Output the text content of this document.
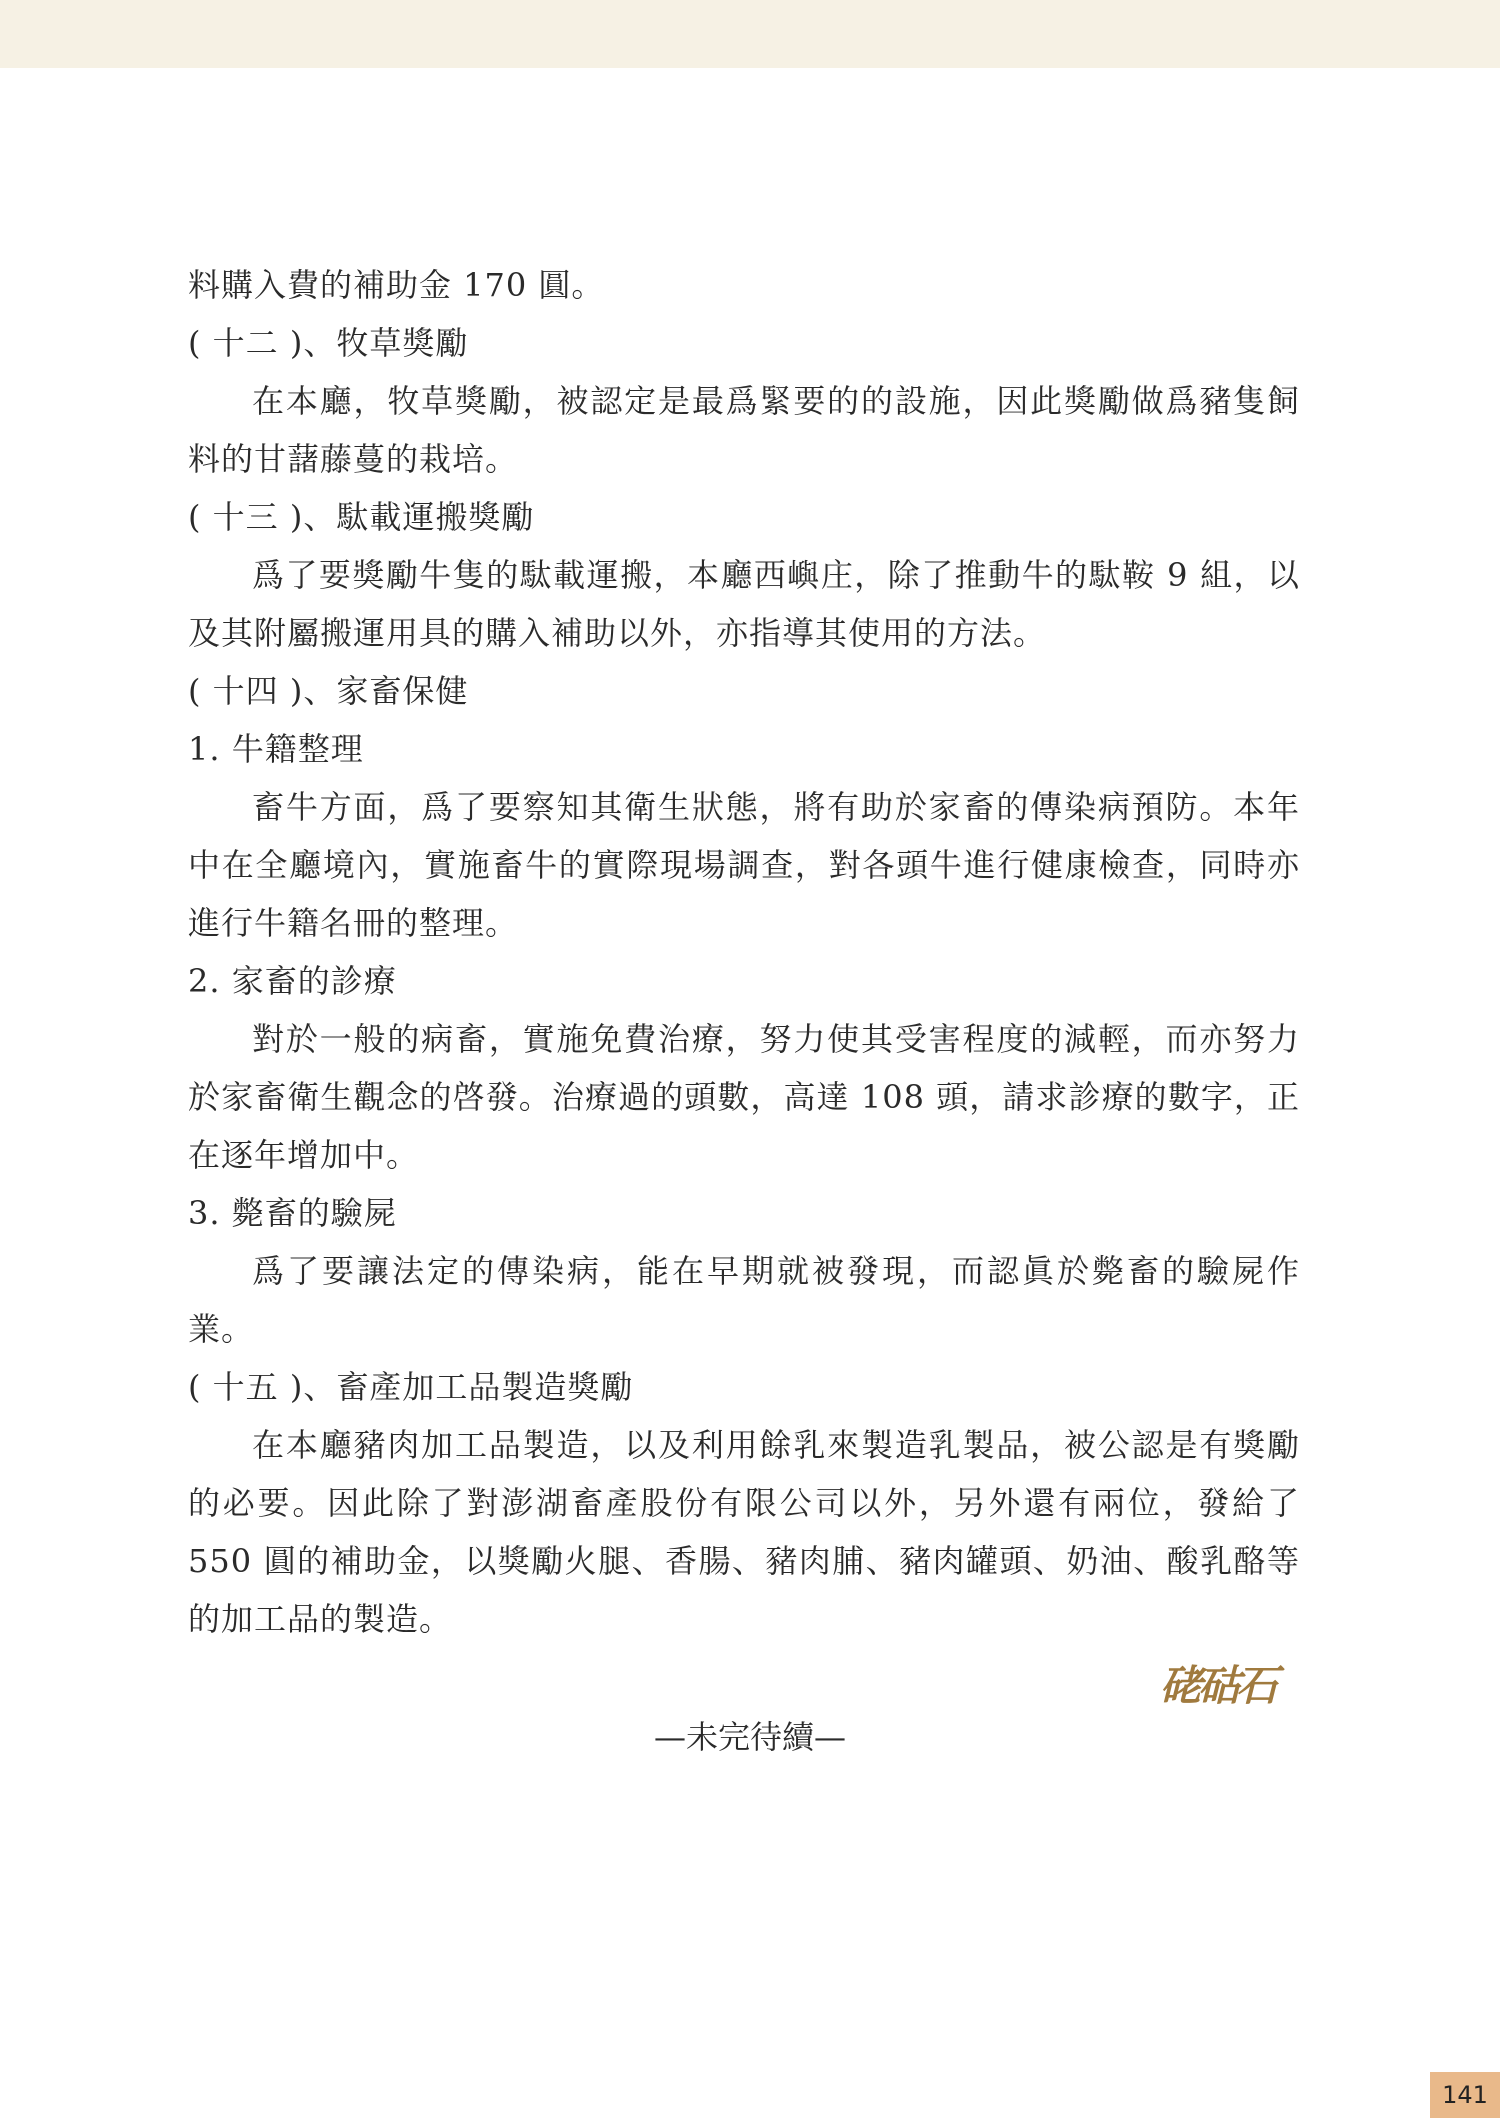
料購入費的補助金 170 圓。

( 十二 )、牧草獎勵

在本廳，牧草獎勵，被認定是最爲緊要的的設施，因此獎勵做爲豬隻飼料的甘藷藤蔓的栽培。

( 十三 )、駄載運搬獎勵

爲了要獎勵牛隻的駄載運搬，本廳西嶼庄，除了推動牛的駄鞍 9 組，以及其附屬搬運用具的購入補助以外，亦指導其使用的方法。

( 十四 )、家畜保健

1. 牛籍整理

畜牛方面，爲了要察知其衛生狀態，將有助於家畜的傳染病預防。本年中在全廳境內，實施畜牛的實際現場調查，對各頭牛進行健康檢查，同時亦進行牛籍名冊的整理。

2. 家畜的診療

對於一般的病畜，實施免費治療，努力使其受害程度的減輕，而亦努力於家畜衛生觀念的啓發。治療過的頭數，高達 108 頭，請求診療的數字，正在逐年增加中。

3. 斃畜的驗屍

爲了要讓法定的傳染病，能在早期就被發現，而認眞於斃畜的驗屍作業。

( 十五 )、畜產加工品製造獎勵

在本廳豬肉加工品製造，以及利用餘乳來製造乳製品，被公認是有獎勵的必要。因此除了對澎湖畜產股份有限公司以外，另外還有兩位，發給了 550 圓的補助金，以獎勵火腿、香腸、豬肉脯、豬肉罐頭、奶油、酸乳酪等的加工品的製造。

硓𥑮石
—未完待續—
141
